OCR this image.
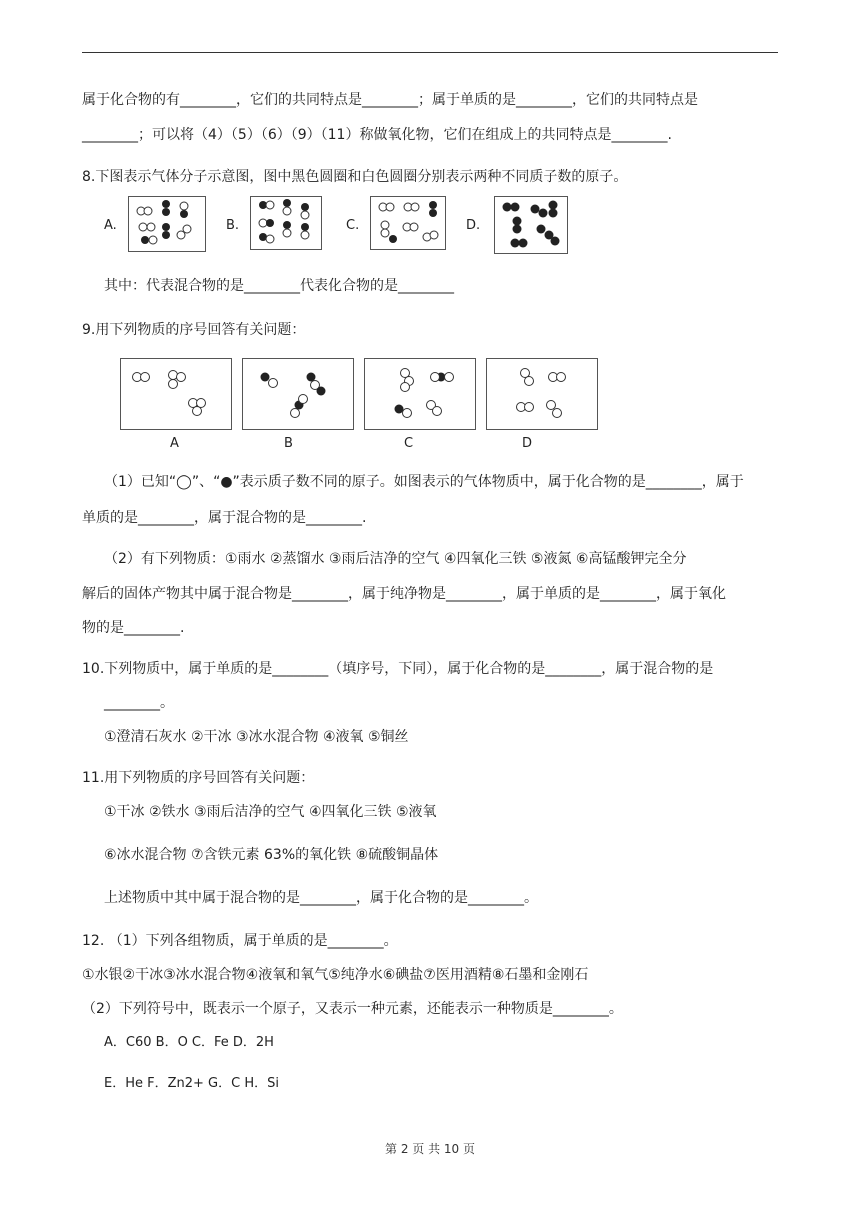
属于化合物的有________，它们的共同特点是________；属于单质的是________，它们的共同特点是
________；可以将（4）（5）（6）（9）（11）称做氧化物，它们在组成上的共同特点是________.
8.下图表示气体分子示意图，图中黑色圆圈和白色圆圈分别表示两种不同质子数的原子。
A.	B.	C.	D.
其中：代表混合物的是________代表化合物的是________
9.用下列物质的序号回答有关问题：
A	B	C	D
（1）已知“◯”、“●”表示质子数不同的原子。如图表示的气体物质中，属于化合物的是________，属于
单质的是________，属于混合物的是________.
（2）有下列物质：①雨水 ②蒸馏水 ③雨后洁净的空气 ④四氧化三铁 ⑤液氮 ⑥高锰酸钾完全分
解后的固体产物其中属于混合物是________，属于纯净物是________，属于单质的是________，属于氧化
物的是________.
10.下列物质中，属于单质的是________（填序号，下同），属于化合物的是________，属于混合物的是
________。
①澄清石灰水 ②干冰 ③冰水混合物 ④液氧 ⑤铜丝
11.用下列物质的序号回答有关问题：
①干冰 ②铁水 ③雨后洁净的空气 ④四氧化三铁 ⑤液氧
⑥冰水混合物 ⑦含铁元素 63%的氧化铁 ⑧硫酸铜晶体
上述物质中其中属于混合物的是________，属于化合物的是________。
12. （1）下列各组物质，属于单质的是________。
①水银②干冰③冰水混合物④液氧和氧气⑤纯净水⑥碘盐⑦医用酒精⑧石墨和金刚石
（2）下列符号中，既表示一个原子，又表示一种元素，还能表示一种物质是________。
A．C60 B．O C．Fe D．2H
E．He F．Zn2+ G．C H．Si
第 2 页 共 10 页
